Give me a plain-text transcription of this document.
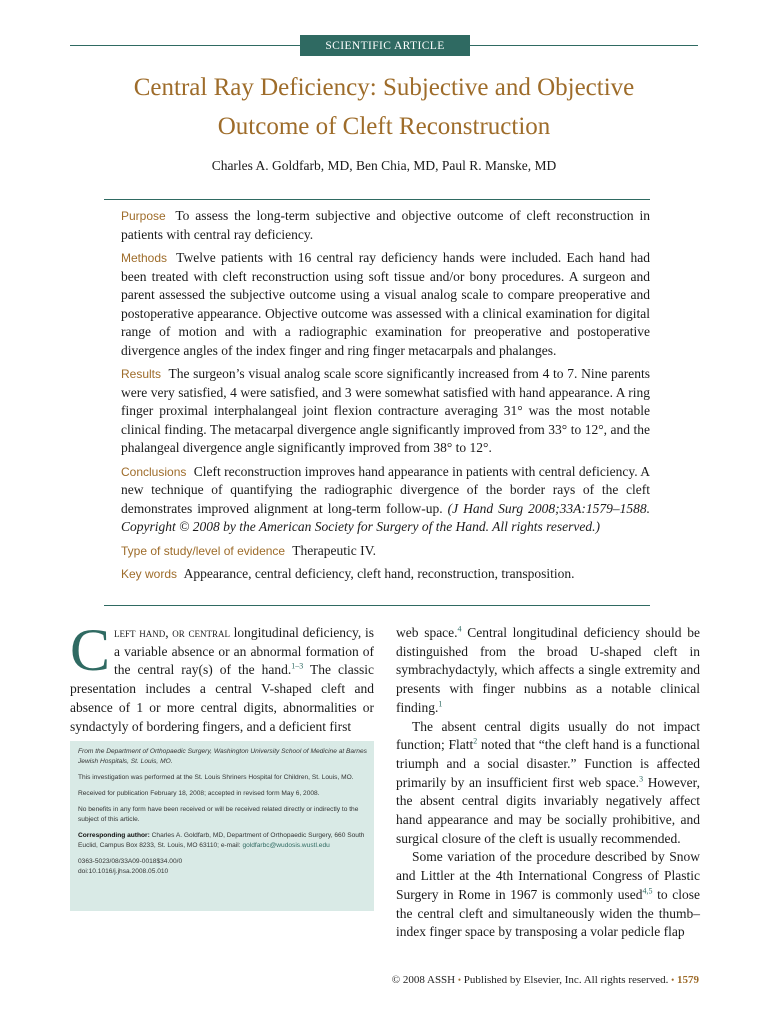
SCIENTIFIC ARTICLE
Central Ray Deficiency: Subjective and Objective
Outcome of Cleft Reconstruction
Charles A. Goldfarb, MD, Ben Chia, MD, Paul R. Manske, MD

Purpose To assess the long-term subjective and objective outcome of cleft reconstruction in patients with central ray deficiency.

Methods Twelve patients with 16 central ray deficiency hands were included. Each hand had been treated with cleft reconstruction using soft tissue and/or bony procedures. A surgeon and parent assessed the subjective outcome using a visual analog scale to compare preoperative and postoperative appearance. Objective outcome was assessed with a clinical examination for digital range of motion and with a radiographic examination for preoperative and postoperative divergence angles of the index finger and ring finger metacarpals and phalanges.

Results The surgeon’s visual analog scale score significantly increased from 4 to 7. Nine parents were very satisfied, 4 were satisfied, and 3 were somewhat satisfied with hand appearance. A ring finger proximal interphalangeal joint flexion contracture averaging 31° was the most notable clinical finding. The metacarpal divergence angle significantly improved from 33° to 12°, and the phalangeal divergence angle significantly improved from 38° to 12°.

Conclusions Cleft reconstruction improves hand appearance in patients with central deficiency. A new technique of quantifying the radiographic divergence of the border rays of the cleft demonstrates improved alignment at long-term follow-up. (J Hand Surg 2008;33A:1579–1588. Copyright © 2008 by the American Society for Surgery of the Hand. All rights reserved.)

Type of study/level of evidence Therapeutic IV.

Key words Appearance, central deficiency, cleft hand, reconstruction, transposition.

Cleft hand, or central longitudinal deficiency, is a variable absence or an abnormal formation of the central ray(s) of the hand.$^{1-3}$ The classic presentation includes a central V-shaped cleft and absence of 1 or more central digits, abnormalities or syndactyly of bordering fingers, and a deficient first

From the Department of Orthopaedic Surgery, Washington University School of Medicine at Barnes Jewish Hospitals, St. Louis, MO.

This investigation was performed at the St. Louis Shriners Hospital for Children, St. Louis, MO.

Received for publication February 18, 2008; accepted in revised form May 6, 2008.

No benefits in any form have been received or will be received related directly or indirectly to the subject of this article.

Corresponding author: Charles A. Goldfarb, MD, Department of Orthopaedic Surgery, 660 South Euclid, Campus Box 8233, St. Louis, MO 63110; e-mail: goldfarbc@wudosis.wustl.edu

0363-5023/08/33A09-0018$34.00/0
doi:10.1016/j.jhsa.2008.05.010

web space.$^4$ Central longitudinal deficiency should be distinguished from the broad U-shaped cleft in symbrachydactyly, which affects a single extremity and presents with finger nubbins as a notable clinical finding.$^1$

The absent central digits usually do not impact function; Flatt$^2$ noted that “the cleft hand is a functional triumph and a social disaster.” Function is affected primarily by an insufficient first web space.$^3$ However, the absent central digits invariably negatively affect hand appearance and may be socially prohibitive, and surgical closure of the cleft is usually recommended.

Some variation of the procedure described by Snow and Littler at the 4th International Congress of Plastic Surgery in Rome in 1967 is commonly used$^{4,5}$ to close the central cleft and simultaneously widen the thumb–index finger space by transposing a volar pedicle flap

© 2008 ASSH • Published by Elsevier, Inc. All rights reserved. • 1579
